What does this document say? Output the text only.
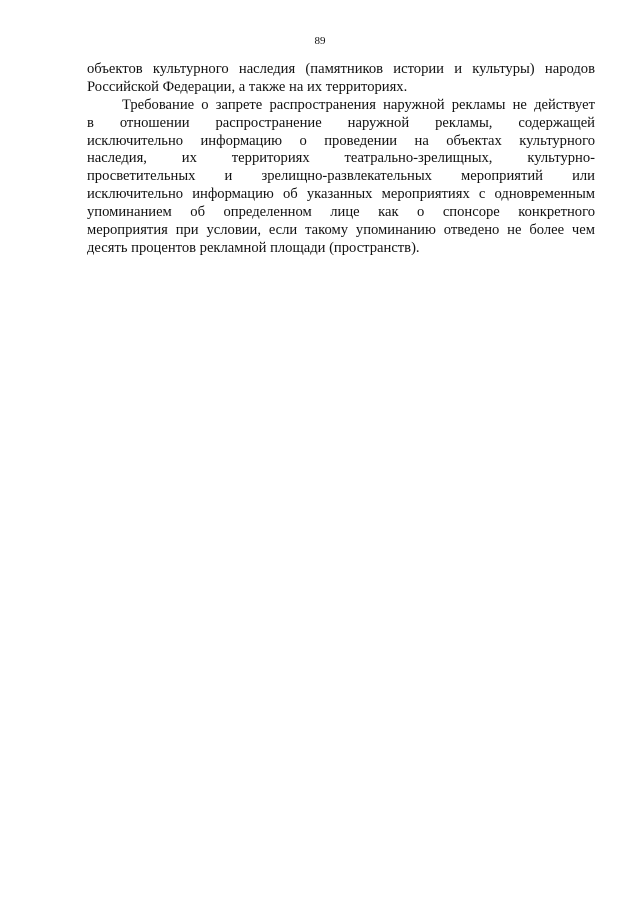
89
объектов культурного наследия (памятников истории и культуры) народов
Российской Федерации, а также на их территориях.
Требование о запрете распространения наружной рекламы не действует
в отношении распространение наружной рекламы, содержащей
исключительно информацию о проведении на объектах культурного
наследия, их территориях театрально-зрелищных, культурно-
просветительных и зрелищно-развлекательных мероприятий или
исключительно информацию об указанных мероприятиях с одновременным
упоминанием об определенном лице как о спонсоре конкретного
мероприятия при условии, если такому упоминанию отведено не более чем
десять процентов рекламной площади (пространств).
